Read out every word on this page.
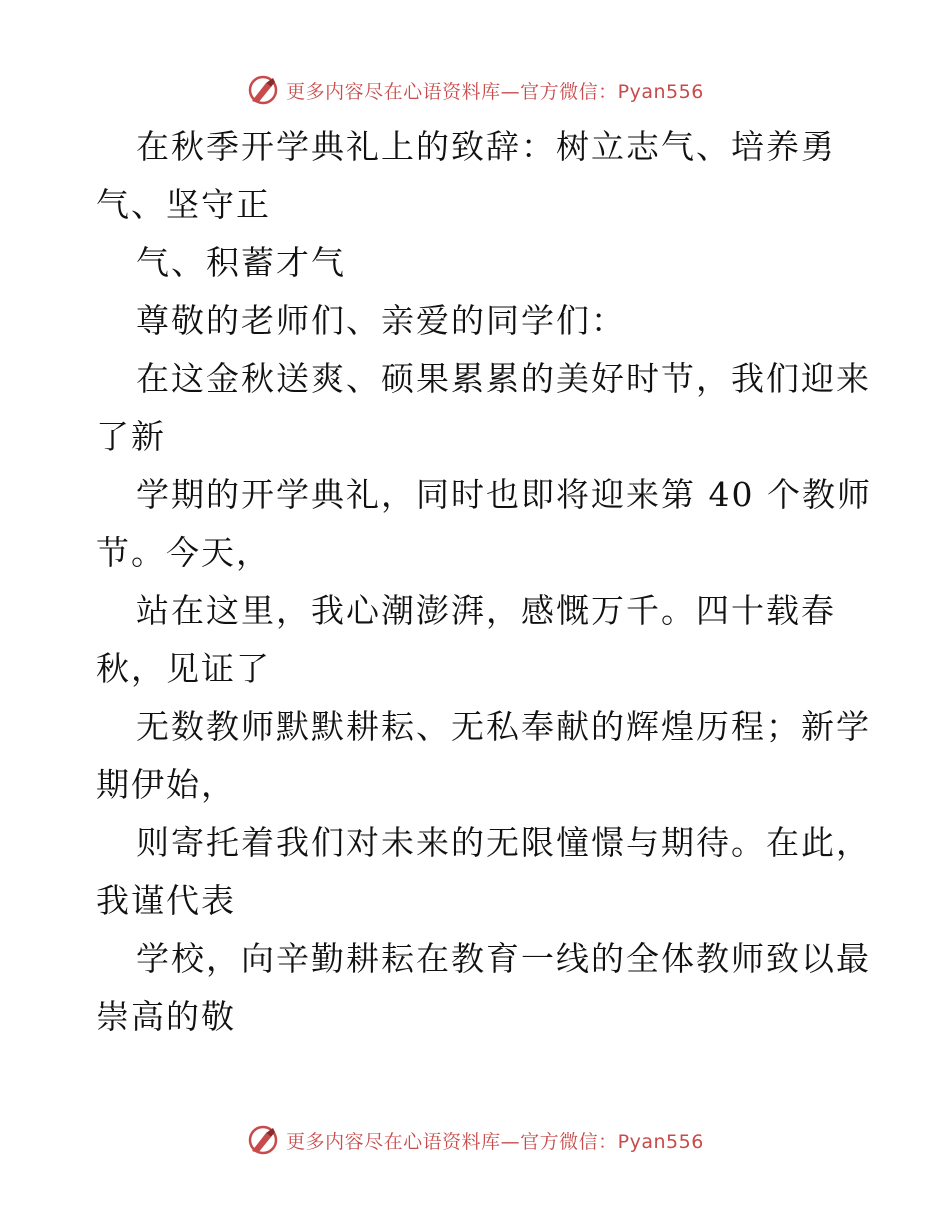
更多内容尽在心语资料库—官方微信：Pyan556
在秋季开学典礼上的致辞：树立志气、培养勇
气、坚守正
气、积蓄才气
尊敬的老师们、亲爱的同学们：
在这金秋送爽、硕果累累的美好时节，我们迎来
了新
学期的开学典礼，同时也即将迎来第 40 个教师
节。今天，
站在这里，我心潮澎湃，感慨万千。四十载春
秋，见证了
无数教师默默耕耘、无私奉献的辉煌历程；新学
期伊始，
则寄托着我们对未来的无限憧憬与期待。在此，
我谨代表
学校，向辛勤耕耘在教育一线的全体教师致以最
崇高的敬
更多内容尽在心语资料库—官方微信：Pyan556
